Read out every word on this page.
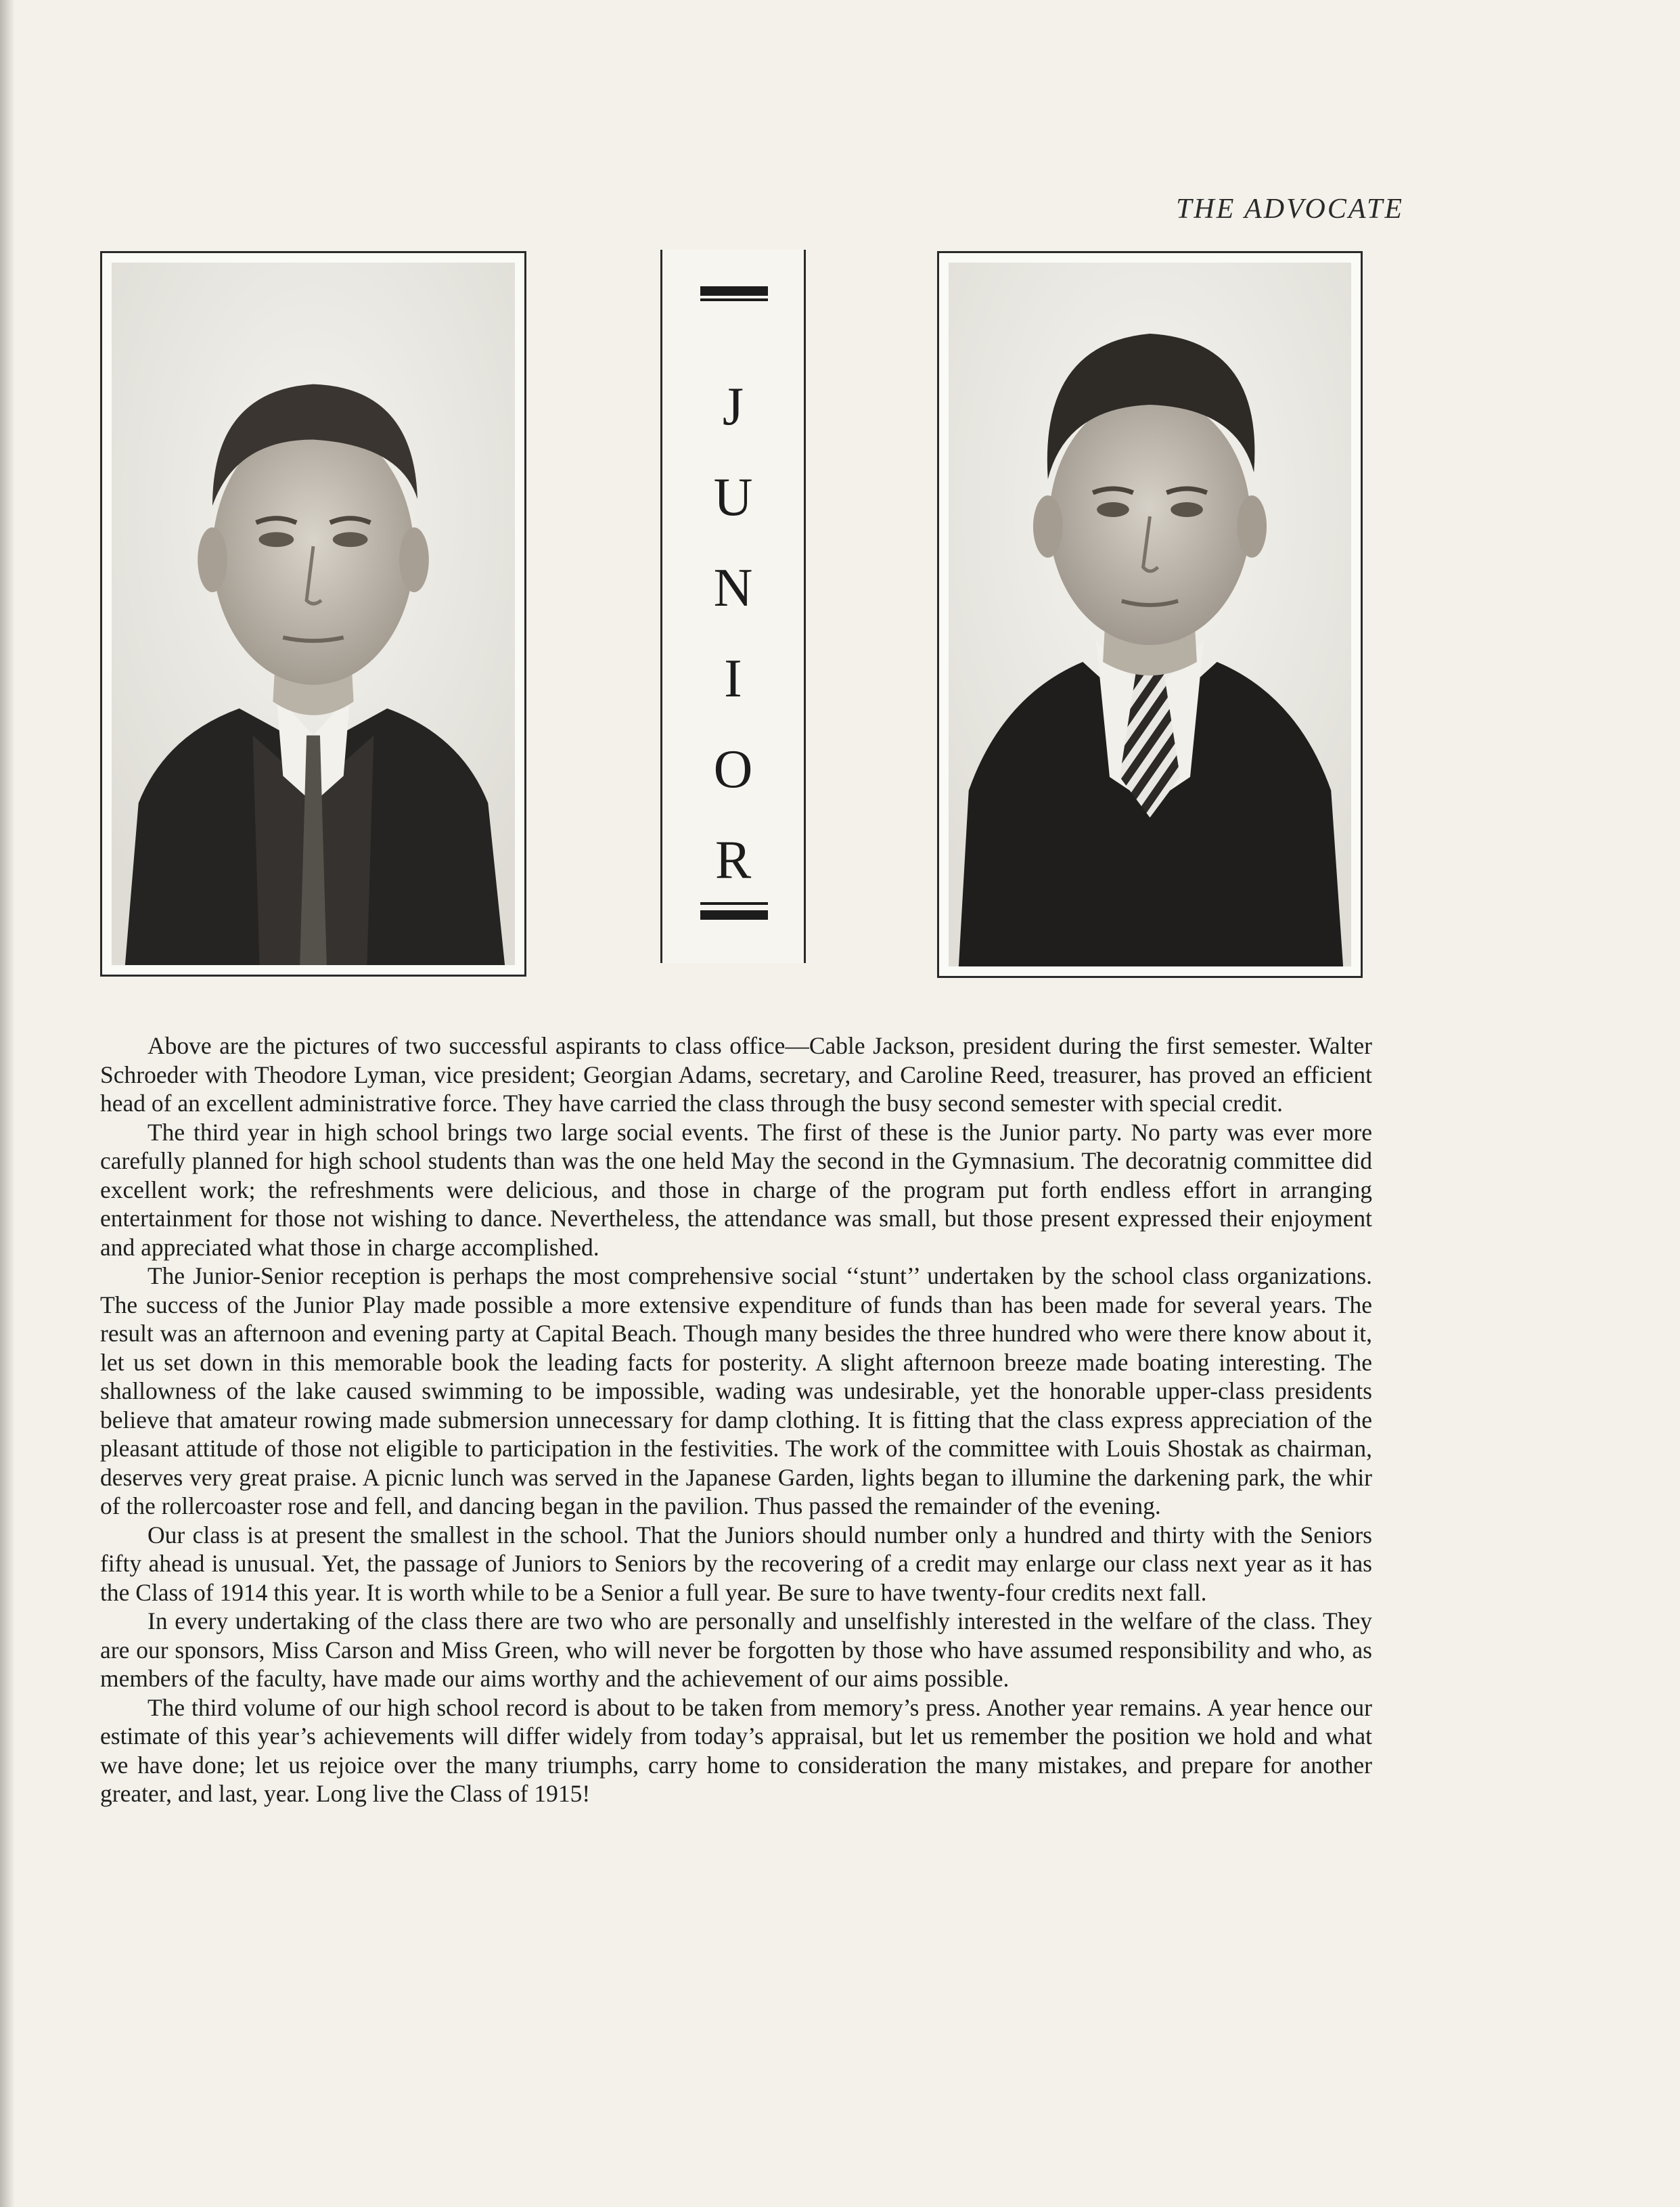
THE ADVOCATE
J
U
N
I
O
R

Above are the pictures of two successful aspirants to class office—Cable Jackson, president during the first semester. Walter Schroeder with Theodore Lyman, vice president; Georgian Adams, secretary, and Caroline Reed, treasurer, has proved an efficient head of an excellent administrative force. They have carried the class through the busy second semester with special credit.

The third year in high school brings two large social events. The first of these is the Junior party. No party was ever more carefully planned for high school students than was the one held May the second in the Gymnasium. The decoratnig committee did excellent work; the refreshments were delicious, and those in charge of the program put forth endless effort in arranging entertainment for those not wishing to dance. Nevertheless, the attendance was small, but those present expressed their enjoyment and appreciated what those in charge accomplished.

The Junior-Senior reception is perhaps the most comprehensive social ‘‘stunt’’ undertaken by the school class organizations. The success of the Junior Play made possible a more extensive expenditure of funds than has been made for several years. The result was an afternoon and evening party at Capital Beach. Though many besides the three hundred who were there know about it, let us set down in this memorable book the leading facts for posterity. A slight afternoon breeze made boating interesting. The shallowness of the lake caused swimming to be impossible, wading was undesirable, yet the honorable upper-class presidents believe that amateur rowing made submersion unnecessary for damp clothing. It is fitting that the class express appreciation of the pleasant attitude of those not eligible to participation in the festivities. The work of the committee with Louis Shostak as chairman, deserves very great praise. A picnic lunch was served in the Japanese Garden, lights began to illumine the darkening park, the whir of the rollercoaster rose and fell, and dancing began in the pavilion. Thus passed the remainder of the evening.

Our class is at present the smallest in the school. That the Juniors should number only a hundred and thirty with the Seniors fifty ahead is unusual. Yet, the passage of Juniors to Seniors by the recovering of a credit may enlarge our class next year as it has the Class of 1914 this year. It is worth while to be a Senior a full year. Be sure to have twenty-four credits next fall.

In every undertaking of the class there are two who are personally and unselfishly interested in the welfare of the class. They are our sponsors, Miss Carson and Miss Green, who will never be forgotten by those who have assumed responsibility and who, as members of the faculty, have made our aims worthy and the achievement of our aims possible.

The third volume of our high school record is about to be taken from memory’s press. Another year remains. A year hence our estimate of this year’s achievements will differ widely from today’s appraisal, but let us remember the position we hold and what we have done; let us rejoice over the many triumphs, carry home to consideration the many mistakes, and prepare for another greater, and last, year. Long live the Class of 1915!
